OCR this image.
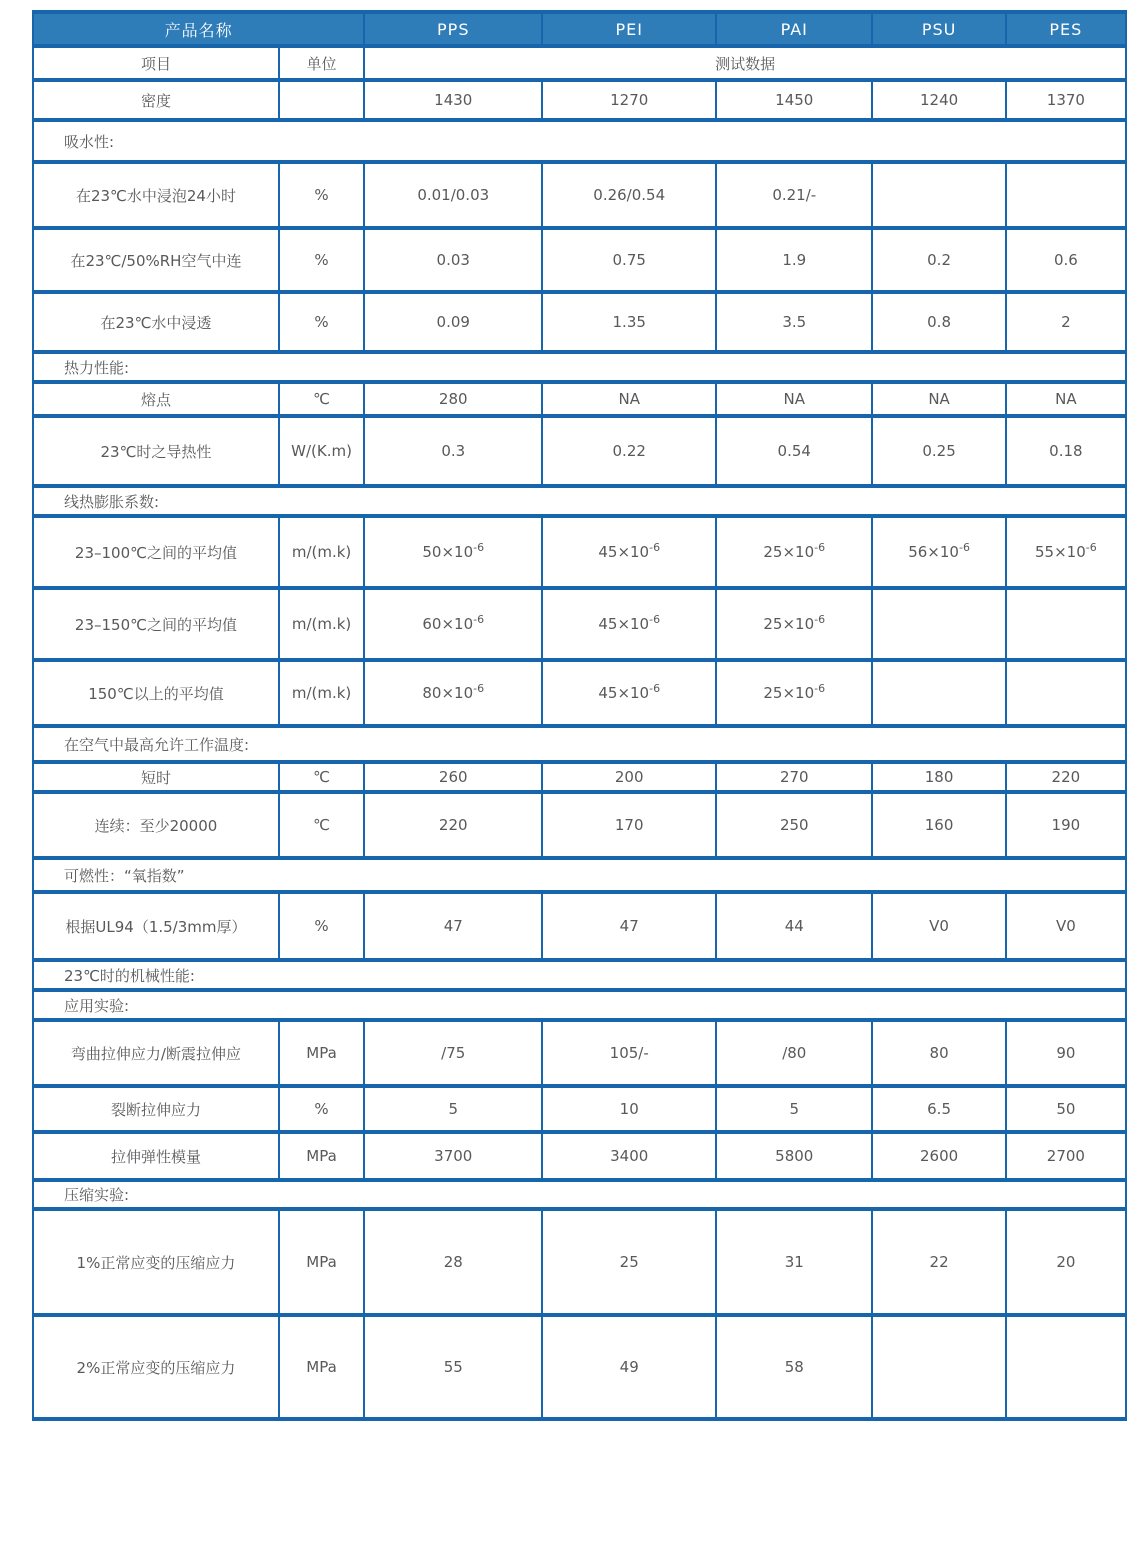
产品名称		PPS	PEI	PAI	PSU	PES
项目	单位	测试数据				
密度		1430	1270	1450	1240	1370
吸水性:						
在23℃水中浸泡24小时	%	0.01/0.03	0.26/0.54	0.21/-		
在23℃/50%RH空气中连	%	0.03	0.75	1.9	0.2	0.6
在23℃水中浸透	%	0.09	1.35	3.5	0.8	2
热力性能:						
熔点	℃	280	NA	NA	NA	NA
23℃时之导热性	W/(K.m)	0.3	0.22	0.54	0.25	0.18
线热膨胀系数:						
23–100℃之间的平均值	m/(m.k)	$50\times 10^{-6}$	$45\times 10^{-6}$	$25\times 10^{-6}$	$56\times 10^{-6}$	$55\times 10^{-6}$
23–150℃之间的平均值	m/(m.k)	$60\times 10^{-6}$	$45\times 10^{-6}$	$25\times 10^{-6}$		
150℃以上的平均值	m/(m.k)	$80\times 10^{-6}$	$45\times 10^{-6}$	$25\times 10^{-6}$		
在空气中最高允许工作温度:						
短时	℃	260	200	270	180	220
连续：至少20000	℃	220	170	250	160	190
可燃性：“氧指数”						
根据UL94（1.5/3mm厚）	%	47	47	44	V0	V0
23℃时的机械性能:						
应用实验:						
弯曲拉伸应力/断震拉伸应	MPa	/75	105/-	/80	80	90
裂断拉伸应力	%	5	10	5	6.5	50
拉伸弹性模量	MPa	3700	3400	5800	2600	2700
压缩实验:						
1%正常应变的压缩应力	MPa	28	25	31	22	20
2%正常应变的压缩应力	MPa	55	49	58		
